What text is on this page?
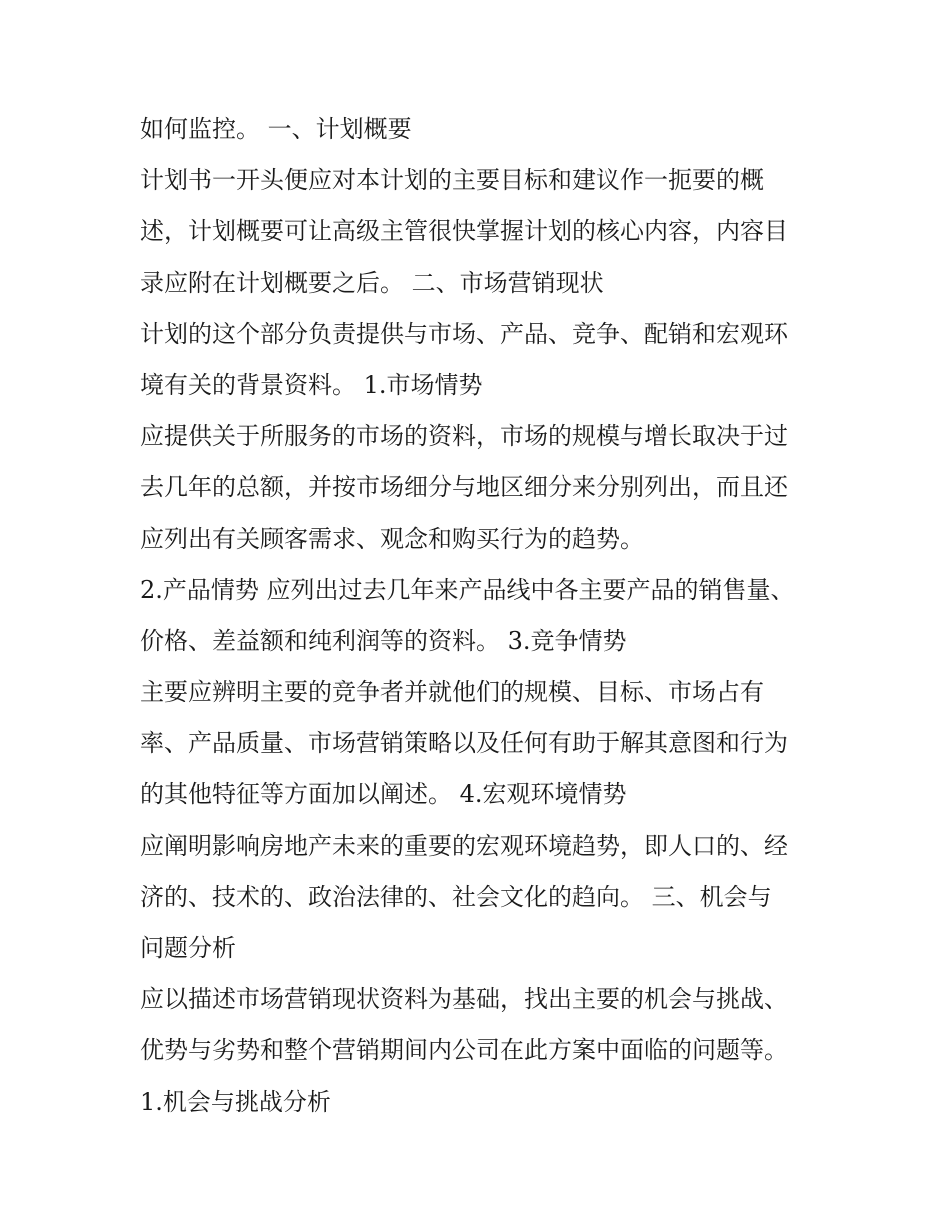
如何监控。 一、计划概要
计划书一开头便应对本计划的主要目标和建议作一扼要的概
述，计划概要可让高级主管很快掌握计划的核心内容，内容目
录应附在计划概要之后。 二、市场营销现状
计划的这个部分负责提供与市场、产品、竞争、配销和宏观环
境有关的背景资料。 1.市场情势
应提供关于所服务的市场的资料，市场的规模与增长取决于过
去几年的总额，并按市场细分与地区细分来分别列出，而且还
应列出有关顾客需求、观念和购买行为的趋势。
2.产品情势 应列出过去几年来产品线中各主要产品的销售量、
价格、差益额和纯利润等的资料。 3.竞争情势
主要应辨明主要的竞争者并就他们的规模、目标、市场占有
率、产品质量、市场营销策略以及任何有助于解其意图和行为
的其他特征等方面加以阐述。 4.宏观环境情势
应阐明影响房地产未来的重要的宏观环境趋势，即人口的、经
济的、技术的、政治法律的、社会文化的趋向。 三、机会与
问题分析
应以描述市场营销现状资料为基础，找出主要的机会与挑战、
优势与劣势和整个营销期间内公司在此方案中面临的问题等。
1.机会与挑战分析
